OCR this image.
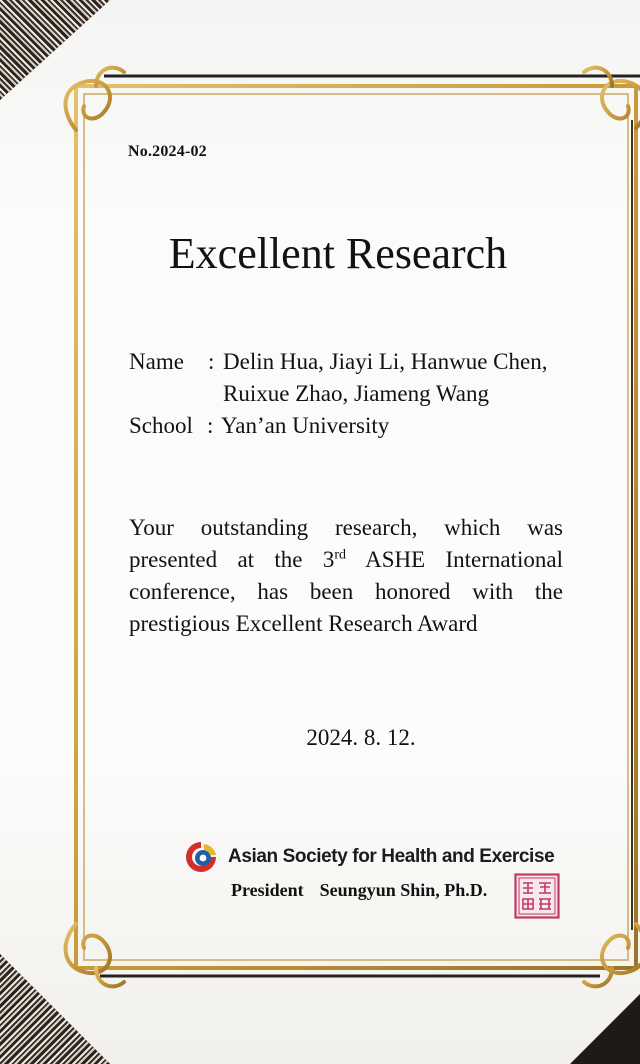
No.2024-02
Excellent Research
Name : Delin Hua, Jiayi Li, Hanwue Chen,
Ruixue Zhao, Jiameng Wang
School : Yan’an University
Your outstanding research, which was
presented at the 3rd ASHE International
conference, has been honored with the
prestigious Excellent Research Award
2024. 8. 12.
Asian Society for Health and Exercise
President Seungyun Shin, Ph.D.
